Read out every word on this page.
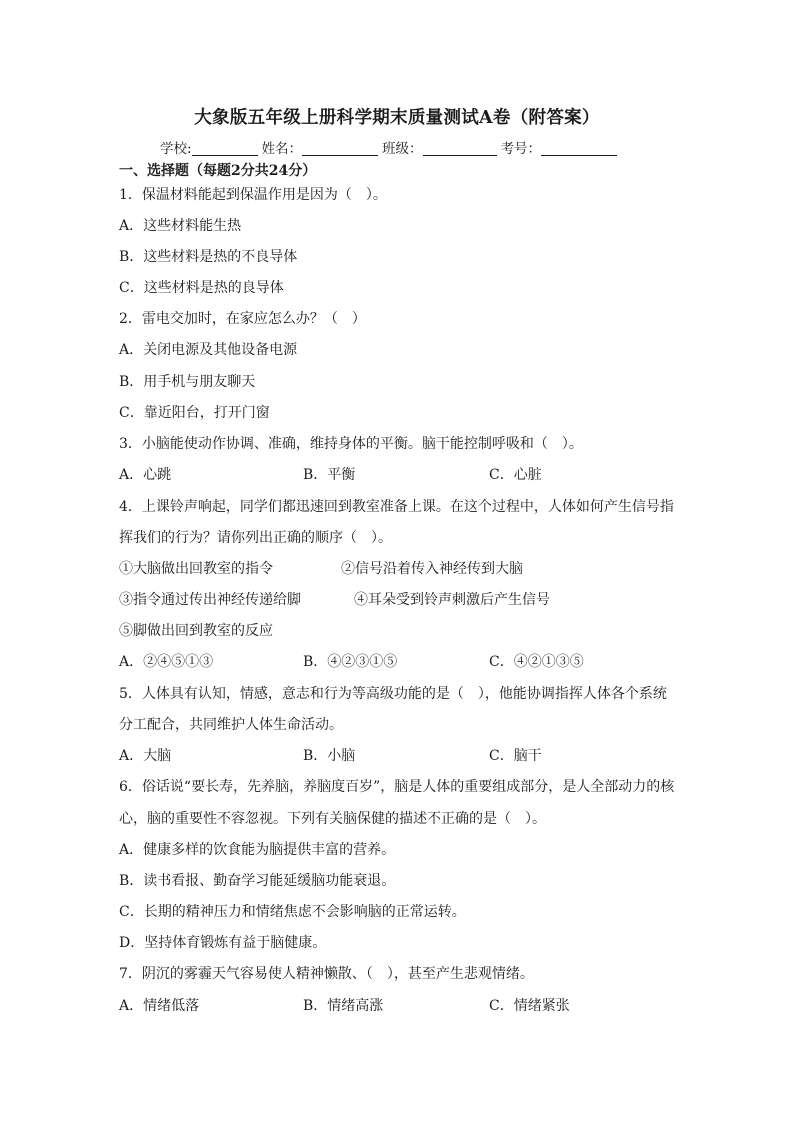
大象版五年级上册科学期末质量测试A卷（附答案）
学校:	姓名：	班级：	考号：
一、选择题（每题2分共24分）
1．保温材料能起到保温作用是因为（　）。
A．这些材料能生热
B．这些材料是热的不良导体
C．这些材料是热的良导体
2．雷电交加时，在家应怎么办？（　）
A．关闭电源及其他设备电源
B．用手机与朋友聊天
C．靠近阳台，打开门窗
3．小脑能使动作协调、准确，维持身体的平衡。脑干能控制呼吸和（　）。
A．心跳	B．平衡	C．心脏
4．上课铃声响起，同学们都迅速回到教室准备上课。在这个过程中，人体如何产生信号指
挥我们的行为？请你列出正确的顺序（　）。
①大脑做出回教室的指令	②信号沿着传入神经传到大脑
③指令通过传出神经传递给脚	④耳朵受到铃声刺激后产生信号
⑤脚做出回到教室的反应
A．②④⑤①③	B．④②③①⑤	C．④②①③⑤
5．人体具有认知，情感，意志和行为等高级功能的是（　），他能协调指挥人体各个系统
分工配合，共同维护人体生命活动。
A．大脑	B．小脑	C．脑干
6．俗话说“要长寿，先养脑，养脑度百岁”，脑是人体的重要组成部分，是人全部动力的核
心，脑的重要性不容忽视。下列有关脑保健的描述不正确的是（　）。
A．健康多样的饮食能为脑提供丰富的营养。
B．读书看报、勤奋学习能延缓脑功能衰退。
C．长期的精神压力和情绪焦虑不会影响脑的正常运转。
D．坚持体育锻炼有益于脑健康。
7．阴沉的雾霾天气容易使人精神懒散、（　），甚至产生悲观情绪。
A．情绪低落	B．情绪高涨	C．情绪紧张
